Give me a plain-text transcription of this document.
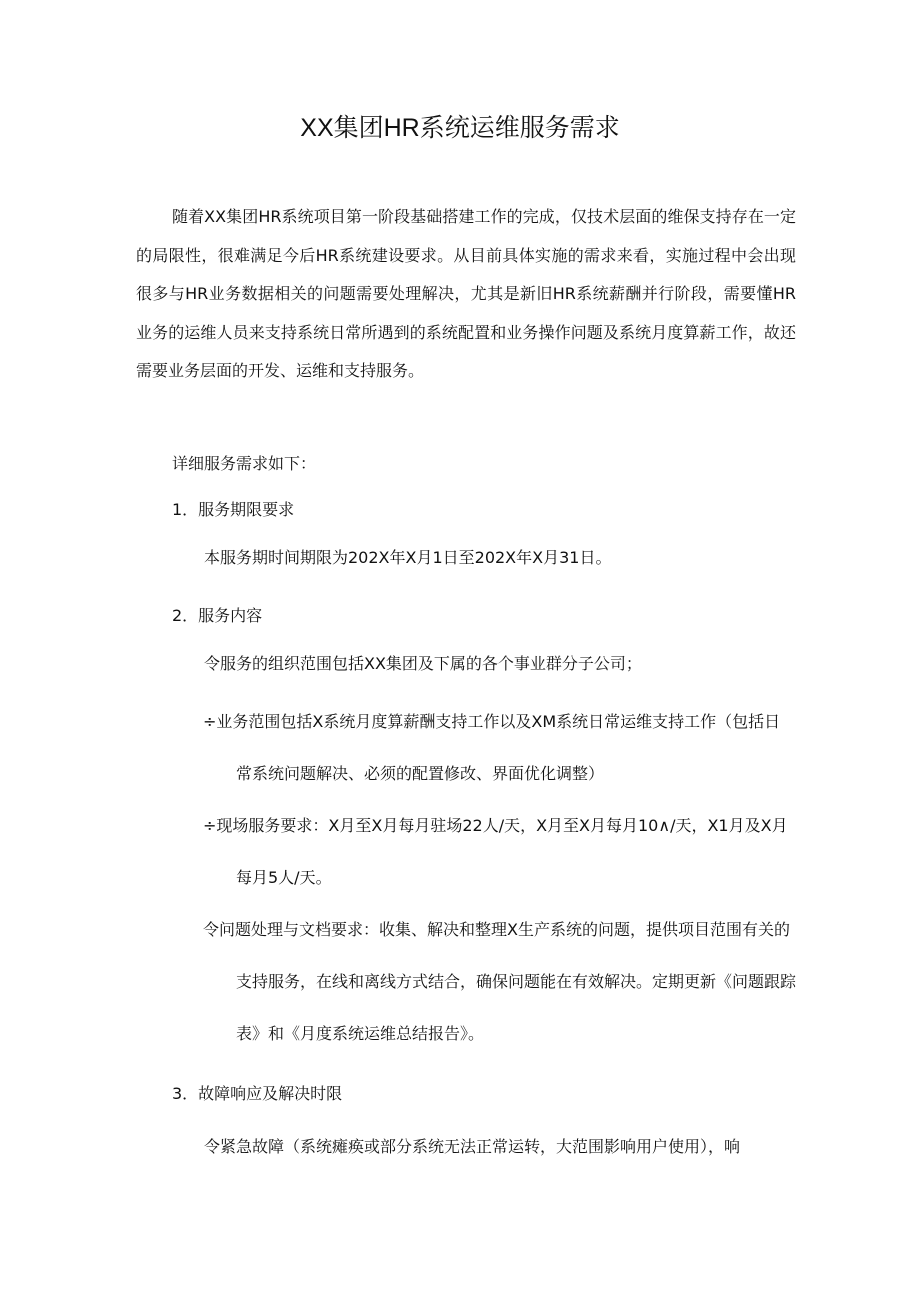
XX集团HR系统运维服务需求

随着XX集团HR系统项目第一阶段基础搭建工作的完成，仅技术层面的维保支持存在一定的局限性，很难满足今后HR系统建设要求。从目前具体实施的需求来看，实施过程中会出现很多与HR业务数据相关的问题需要处理解决，尤其是新旧HR系统薪酬并行阶段，需要懂HR业务的运维人员来支持系统日常所遇到的系统配置和业务操作问题及系统月度算薪工作，故还需要业务层面的开发、运维和支持服务。

详细服务需求如下：
1．服务期限要求
本服务期时间期限为202X年X月1日至202X年X月31日。
2．服务内容
令服务的组织范围包括XX集团及下属的各个事业群分子公司；

÷业务范围包括X系统月度算薪酬支持工作以及XM系统日常运维支持工作（包括日常系统问题解决、必须的配置修改、界面优化调整）

÷现场服务要求：X月至X月每月驻场22人/天，X月至X月每月10∧/天，X1月及X月每月5人/天。

令问题处理与文档要求：收集、解决和整理X生产系统的问题，提供项目范围有关的支持服务，在线和离线方式结合，确保问题能在有效解决。定期更新《问题跟踪表》和《月度系统运维总结报告》。

3．故障响应及解决时限
令紧急故障（系统瘫痪或部分系统无法正常运转，大范围影响用户使用），响
